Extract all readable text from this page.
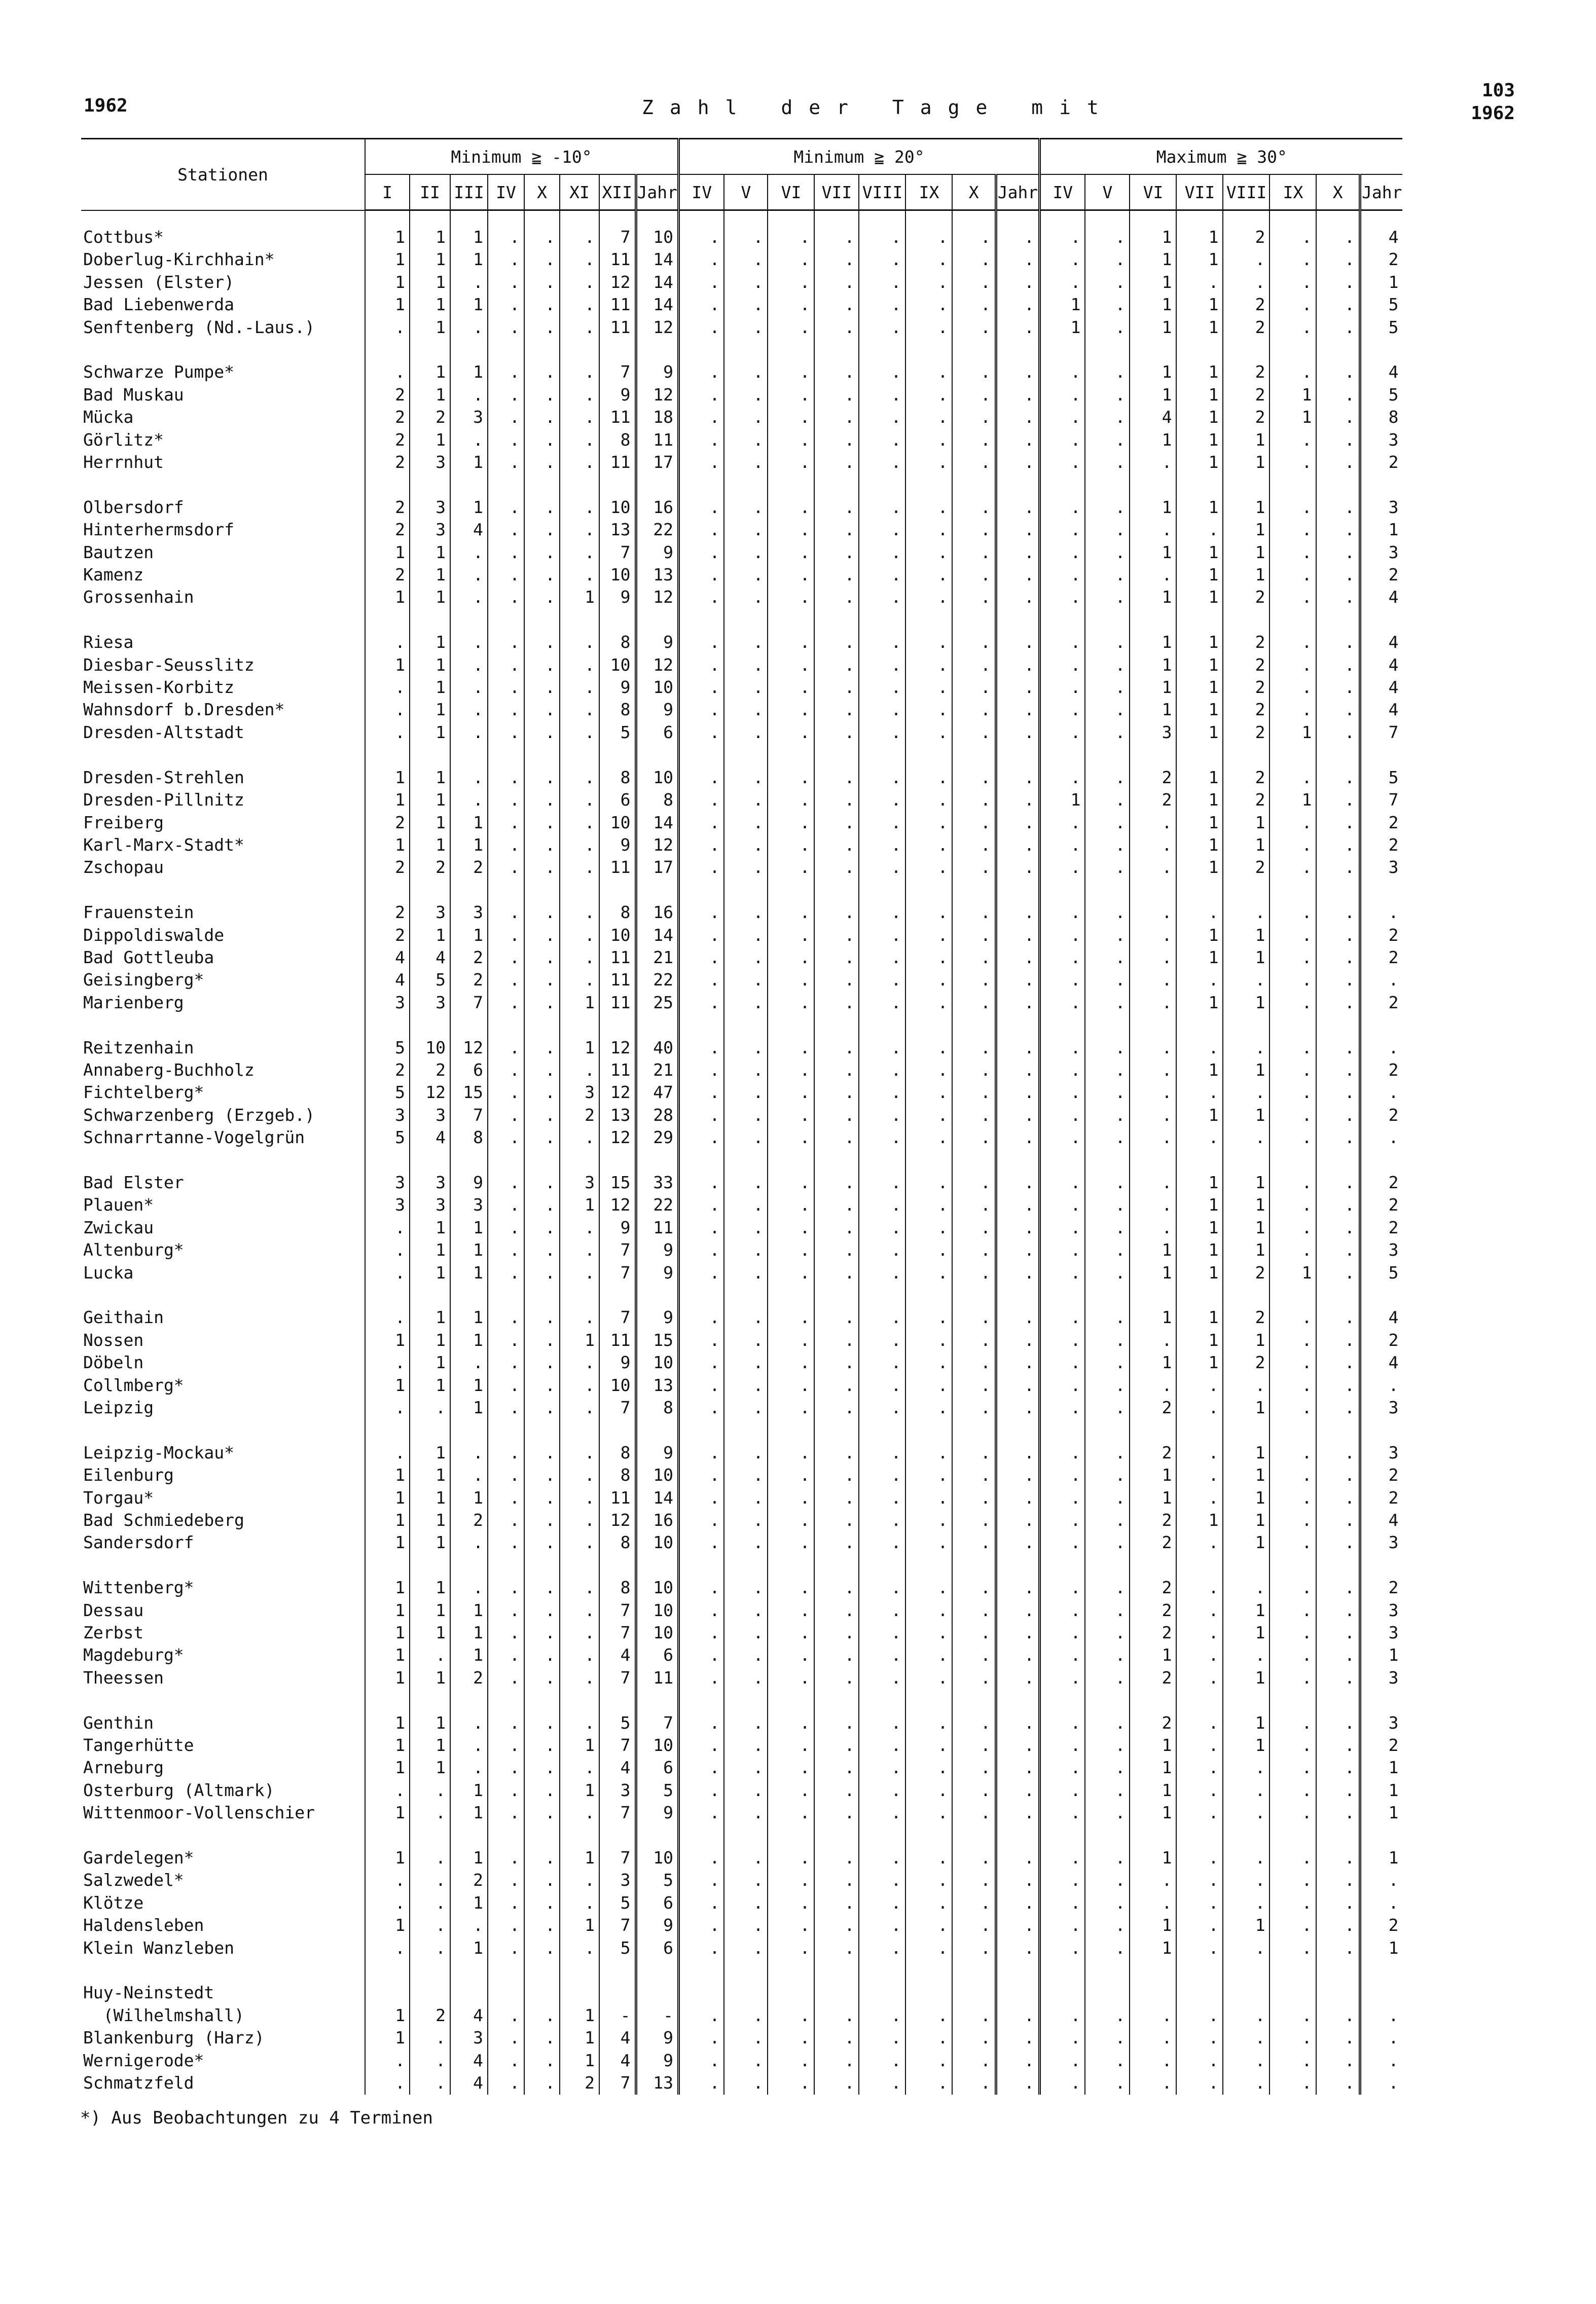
1962	Zahl der Tage mit
103
1962
Stationen	Minimum ≧ -10°								Minimum ≧ 20°								Maximum ≧ 30°							
	I	II	III	IV	X	XI	XII	Jahr	IV	V	VI	VII	VIII	IX	X	Jahr	IV	V	VI	VII	VIII	IX	X	Jahr

Cottbus*	1	1	1	.	.	.	7	10	.	.	.	.	.	.	.	.	.	.	1	1	2	.	.	4
Doberlug-Kirchhain*	1	1	1	.	.	.	11	14	.	.	.	.	.	.	.	.	.	.	1	1	.	.	.	2
Jessen (Elster)	1	1	.	.	.	.	12	14	.	.	.	.	.	.	.	.	.	.	1	.	.	.	.	1
Bad Liebenwerda	1	1	1	.	.	.	11	14	.	.	.	.	.	.	.	.	1	.	1	1	2	.	.	5
Senftenberg (Nd.-Laus.)	.	1	.	.	.	.	11	12	.	.	.	.	.	.	.	.	1	.	1	1	2	.	.	5

Schwarze Pumpe*	.	1	1	.	.	.	7	9	.	.	.	.	.	.	.	.	.	.	1	1	2	.	.	4
Bad Muskau	2	1	.	.	.	.	9	12	.	.	.	.	.	.	.	.	.	.	1	1	2	1	.	5
Mücka	2	2	3	.	.	.	11	18	.	.	.	.	.	.	.	.	.	.	4	1	2	1	.	8
Görlitz*	2	1	.	.	.	.	8	11	.	.	.	.	.	.	.	.	.	.	1	1	1	.	.	3
Herrnhut	2	3	1	.	.	.	11	17	.	.	.	.	.	.	.	.	.	.	.	1	1	.	.	2

Olbersdorf	2	3	1	.	.	.	10	16	.	.	.	.	.	.	.	.	.	.	1	1	1	.	.	3
Hinterhermsdorf	2	3	4	.	.	.	13	22	.	.	.	.	.	.	.	.	.	.	.	.	1	.	.	1
Bautzen	1	1	.	.	.	.	7	9	.	.	.	.	.	.	.	.	.	.	1	1	1	.	.	3
Kamenz	2	1	.	.	.	.	10	13	.	.	.	.	.	.	.	.	.	.	.	1	1	.	.	2
Grossenhain	1	1	.	.	.	1	9	12	.	.	.	.	.	.	.	.	.	.	1	1	2	.	.	4

Riesa	.	1	.	.	.	.	8	9	.	.	.	.	.	.	.	.	.	.	1	1	2	.	.	4
Diesbar-Seusslitz	1	1	.	.	.	.	10	12	.	.	.	.	.	.	.	.	.	.	1	1	2	.	.	4
Meissen-Korbitz	.	1	.	.	.	.	9	10	.	.	.	.	.	.	.	.	.	.	1	1	2	.	.	4
Wahnsdorf b.Dresden*	.	1	.	.	.	.	8	9	.	.	.	.	.	.	.	.	.	.	1	1	2	.	.	4
Dresden-Altstadt	.	1	.	.	.	.	5	6	.	.	.	.	.	.	.	.	.	.	3	1	2	1	.	7

Dresden-Strehlen	1	1	.	.	.	.	8	10	.	.	.	.	.	.	.	.	.	.	2	1	2	.	.	5
Dresden-Pillnitz	1	1	.	.	.	.	6	8	.	.	.	.	.	.	.	.	1	.	2	1	2	1	.	7
Freiberg	2	1	1	.	.	.	10	14	.	.	.	.	.	.	.	.	.	.	.	1	1	.	.	2
Karl-Marx-Stadt*	1	1	1	.	.	.	9	12	.	.	.	.	.	.	.	.	.	.	.	1	1	.	.	2
Zschopau	2	2	2	.	.	.	11	17	.	.	.	.	.	.	.	.	.	.	.	1	2	.	.	3

Frauenstein	2	3	3	.	.	.	8	16	.	.	.	.	.	.	.	.	.	.	.	.	.	.	.	.
Dippoldiswalde	2	1	1	.	.	.	10	14	.	.	.	.	.	.	.	.	.	.	.	1	1	.	.	2
Bad Gottleuba	4	4	2	.	.	.	11	21	.	.	.	.	.	.	.	.	.	.	.	1	1	.	.	2
Geisingberg*	4	5	2	.	.	.	11	22	.	.	.	.	.	.	.	.	.	.	.	.	.	.	.	.
Marienberg	3	3	7	.	.	1	11	25	.	.	.	.	.	.	.	.	.	.	.	1	1	.	.	2

Reitzenhain	5	10	12	.	.	1	12	40	.	.	.	.	.	.	.	.	.	.	.	.	.	.	.	.
Annaberg-Buchholz	2	2	6	.	.	.	11	21	.	.	.	.	.	.	.	.	.	.	.	1	1	.	.	2
Fichtelberg*	5	12	15	.	.	3	12	47	.	.	.	.	.	.	.	.	.	.	.	.	.	.	.	.
Schwarzenberg (Erzgeb.)	3	3	7	.	.	2	13	28	.	.	.	.	.	.	.	.	.	.	.	1	1	.	.	2
Schnarrtanne-Vogelgrün	5	4	8	.	.	.	12	29	.	.	.	.	.	.	.	.	.	.	.	.	.	.	.	.

Bad Elster	3	3	9	.	.	3	15	33	.	.	.	.	.	.	.	.	.	.	.	1	1	.	.	2
Plauen*	3	3	3	.	.	1	12	22	.	.	.	.	.	.	.	.	.	.	.	1	1	.	.	2
Zwickau	.	1	1	.	.	.	9	11	.	.	.	.	.	.	.	.	.	.	.	1	1	.	.	2
Altenburg*	.	1	1	.	.	.	7	9	.	.	.	.	.	.	.	.	.	.	1	1	1	.	.	3
Lucka	.	1	1	.	.	.	7	9	.	.	.	.	.	.	.	.	.	.	1	1	2	1	.	5

Geithain	.	1	1	.	.	.	7	9	.	.	.	.	.	.	.	.	.	.	1	1	2	.	.	4
Nossen	1	1	1	.	.	1	11	15	.	.	.	.	.	.	.	.	.	.	.	1	1	.	.	2
Döbeln	.	1	.	.	.	.	9	10	.	.	.	.	.	.	.	.	.	.	1	1	2	.	.	4
Collmberg*	1	1	1	.	.	.	10	13	.	.	.	.	.	.	.	.	.	.	.	.	.	.	.	.
Leipzig	.	.	1	.	.	.	7	8	.	.	.	.	.	.	.	.	.	.	2	.	1	.	.	3

Leipzig-Mockau*	.	1	.	.	.	.	8	9	.	.	.	.	.	.	.	.	.	.	2	.	1	.	.	3
Eilenburg	1	1	.	.	.	.	8	10	.	.	.	.	.	.	.	.	.	.	1	.	1	.	.	2
Torgau*	1	1	1	.	.	.	11	14	.	.	.	.	.	.	.	.	.	.	1	.	1	.	.	2
Bad Schmiedeberg	1	1	2	.	.	.	12	16	.	.	.	.	.	.	.	.	.	.	2	1	1	.	.	4
Sandersdorf	1	1	.	.	.	.	8	10	.	.	.	.	.	.	.	.	.	.	2	.	1	.	.	3

Wittenberg*	1	1	.	.	.	.	8	10	.	.	.	.	.	.	.	.	.	.	2	.	.	.	.	2
Dessau	1	1	1	.	.	.	7	10	.	.	.	.	.	.	.	.	.	.	2	.	1	.	.	3
Zerbst	1	1	1	.	.	.	7	10	.	.	.	.	.	.	.	.	.	.	2	.	1	.	.	3
Magdeburg*	1	.	1	.	.	.	4	6	.	.	.	.	.	.	.	.	.	.	1	.	.	.	.	1
Theessen	1	1	2	.	.	.	7	11	.	.	.	.	.	.	.	.	.	.	2	.	1	.	.	3

Genthin	1	1	.	.	.	.	5	7	.	.	.	.	.	.	.	.	.	.	2	.	1	.	.	3
Tangerhütte	1	1	.	.	.	1	7	10	.	.	.	.	.	.	.	.	.	.	1	.	1	.	.	2
Arneburg	1	1	.	.	.	.	4	6	.	.	.	.	.	.	.	.	.	.	1	.	.	.	.	1
Osterburg (Altmark)	.	.	1	.	.	1	3	5	.	.	.	.	.	.	.	.	.	.	1	.	.	.	.	1
Wittenmoor-Vollenschier	1	.	1	.	.	.	7	9	.	.	.	.	.	.	.	.	.	.	1	.	.	.	.	1

Gardelegen*	1	.	1	.	.	1	7	10	.	.	.	.	.	.	.	.	.	.	1	.	.	.	.	1
Salzwedel*	.	.	2	.	.	.	3	5	.	.	.	.	.	.	.	.	.	.	.	.	.	.	.	.
Klötze	.	.	1	.	.	.	5	6	.	.	.	.	.	.	.	.	.	.	.	.	.	.	.	.
Haldensleben	1	.	.	.	.	1	7	9	.	.	.	.	.	.	.	.	.	.	1	.	1	.	.	2
Klein Wanzleben	.	.	1	.	.	.	5	6	.	.	.	.	.	.	.	.	.	.	1	.	.	.	.	1

Huy-Neinstedt																								
(Wilhelmshall)	1	2	4	.	.	1	-	-	.	.	.	.	.	.	.	.	.	.	.	.	.	.	.	.
Blankenburg (Harz)	1	.	3	.	.	1	4	9	.	.	.	.	.	.	.	.	.	.	.	.	.	.	.	.
Wernigerode*	.	.	4	.	.	1	4	9	.	.	.	.	.	.	.	.	.	.	.	.	.	.	.	.
Schmatzfeld	.	.	4	.	.	2	7	13	.	.	.	.	.	.	.	.	.	.	.	.	.	.	.	.
*) Aus Beobachtungen zu 4 Terminen
